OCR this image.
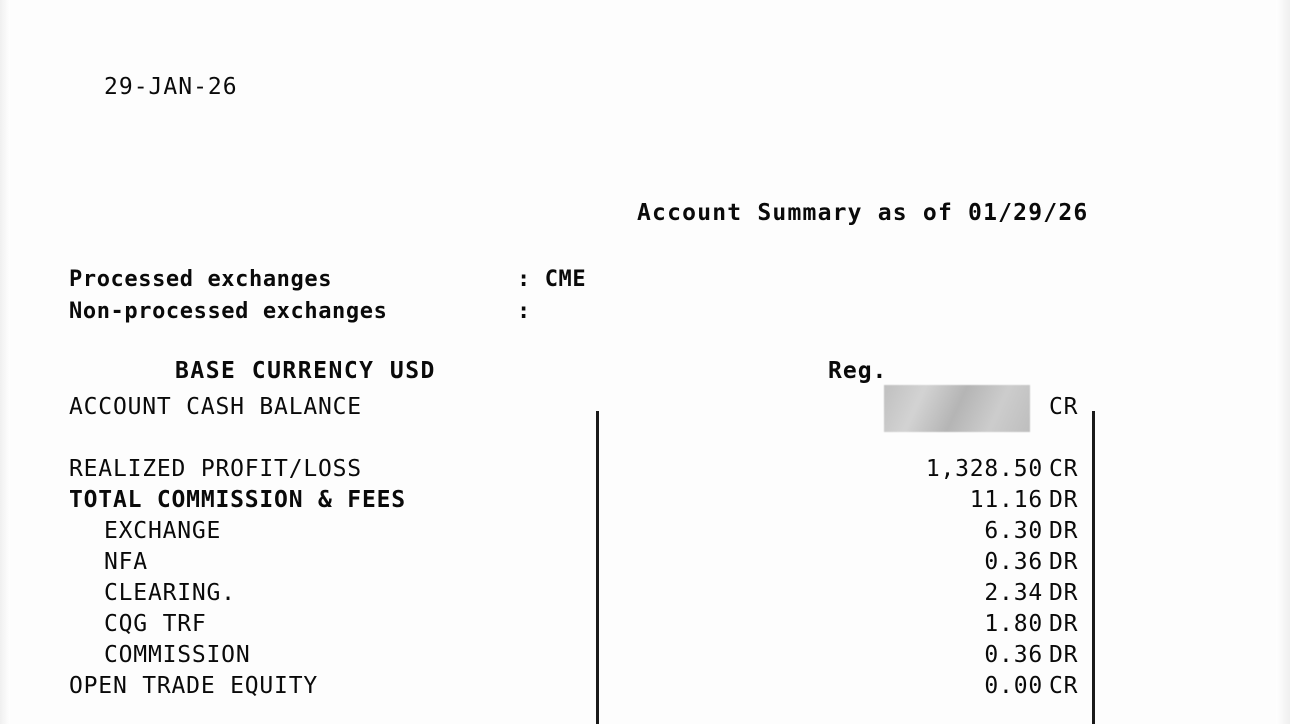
29-JAN-26
Account Summary as of 01/29/26
Processed exchanges	: CME
Non-processed exchanges	:
BASE CURRENCY USD	Reg.
ACCOUNT CASH BALANCE	CR
REALIZED PROFIT/LOSS	1,328.50 CR
TOTAL COMMISSION & FEES	11.16 DR
EXCHANGE	6.30 DR
NFA	0.36 DR
CLEARING.	2.34 DR
CQG TRF	1.80 DR
COMMISSION	0.36 DR
OPEN TRADE EQUITY	0.00 CR
